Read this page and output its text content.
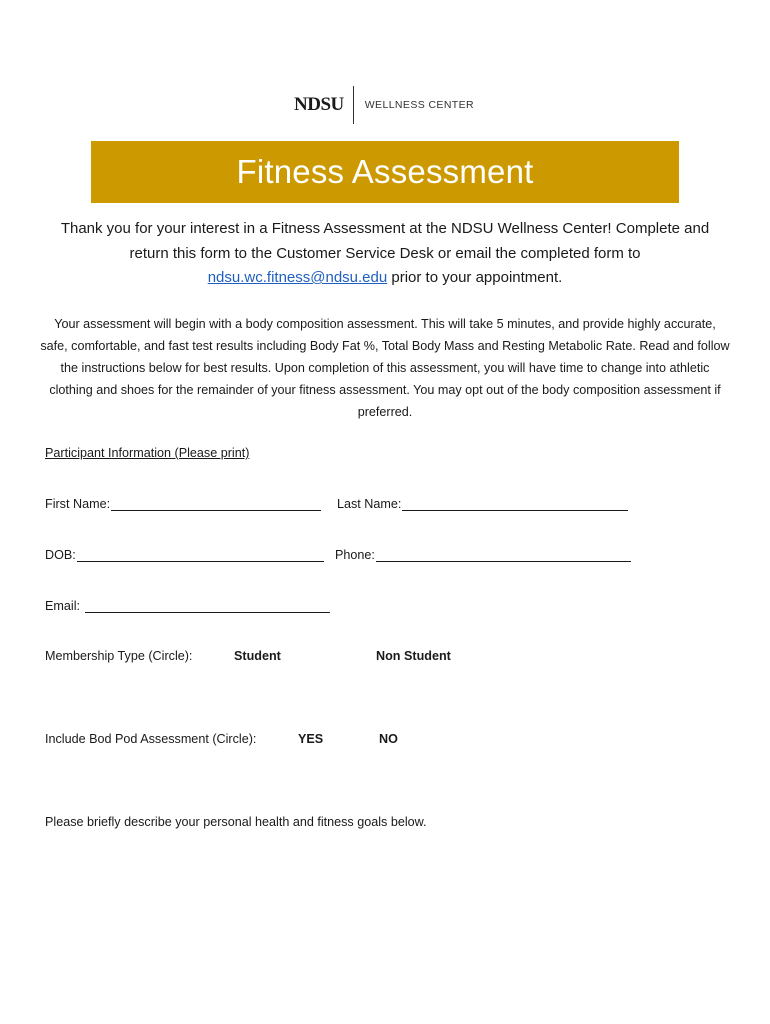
NDSU WELLNESS CENTER
Fitness Assessment
Thank you for your interest in a Fitness Assessment at the NDSU Wellness Center! Complete and return this form to the Customer Service Desk or email the completed form to ndsu.wc.fitness@ndsu.edu prior to your appointment.
Your assessment will begin with a body composition assessment. This will take 5 minutes, and provide highly accurate, safe, comfortable, and fast test results including Body Fat %, Total Body Mass and Resting Metabolic Rate. Read and follow the instructions below for best results. Upon completion of this assessment, you will have time to change into athletic clothing and shoes for the remainder of your fitness assessment. You may opt out of the body composition assessment if preferred.
Participant Information (Please print)
First Name:	Last Name:
DOB:	Phone:
Email:
Membership Type (Circle):	Student	Non Student
Include Bod Pod Assessment (Circle):	YES	NO
Please briefly describe your personal health and fitness goals below.
